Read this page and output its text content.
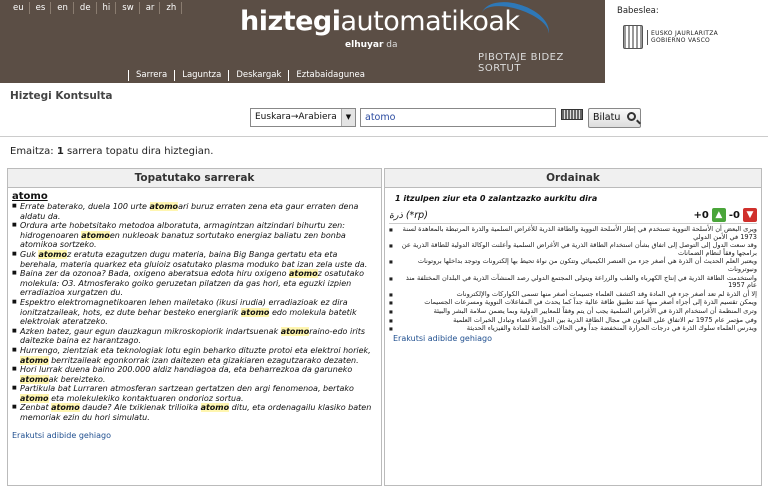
eu	es	en	de	hi	sw	ar	zh hiztegiautomatikoak
elhuyar da
PIBOTAJE BIDEZ SORTUT
Sarrera	Laguntza	Deskargak	Eztabaidagunea
Babeslea:
EUSKO JAURLARITZA
GOBIERNO VASCO
Hiztegi Kontsulta
Euskara→Arabiera	▼	atomo	Bilatu
Emaitza: 1 sarrera topatu dira hiztegian.
Topatutako sarrerak
atomo
■ Errate baterako, duela 100 urte atomoari buruz erraten zena eta gaur erraten dena aldatu da.
■ Ordura arte hobetsitako metodoa alboratuta, armagintzan aitzindari bihurtu zen: hidrogenoaren atomoen nukleoak banatuz sortutako energiaz baliatu zen bonba atomikoa sortzeko.
■ Guk atomoz eratuta ezagutzen dugu materia, baina Big Banga gertatu eta eta berehala, materia quarkez eta gluioiz osatutako plasma moduko bat izan zela uste da.
■ Baina zer da ozonoa? Bada, oxigeno aberatsua edota hiru oxigeno atomoz osatutako molekula: O3. Atmosferako goiko geruzetan pilatzen da gas hori, eta eguzki izpien erradiazioa xurgatzen du.
■ Espektro elektromagnetikoaren lehen mailetako (ikusi irudia) erradiazioak ez dira ionitzatzaileak, hots, ez dute behar besteko energiarik atomo edo molekula batetik elektroiak ateratzeko.
■ Azken batez, gaur egun dauzkagun mikroskopiorik indartsuenak atomoraino-edo irits daitezke baina ez harantzago.
■ Hurrengo, zientziak eta teknologiak lotu egin beharko dituzte protoi eta elektroi horiek, atomo berritzaileak egonkorrak izan daitezen eta gizakiaren ezagutzarako dezaten.
■ Hori lurrak duena baino 200.000 aldiz handiagoa da, eta beharrezkoa da garuneko atomoak bereizteko.
■ Partikula bat Lurraren atmosferan sartzean gertatzen den argi fenomenoa, bertako atomo eta molekulekiko kontaktuaren ondorioz sortua.
■ Zenbat atomo daude? Ale txikienak trilioika atomo ditu, eta ordenagailu klasiko baten memoriak ezin du hori simulatu.
Erakutsi adibide gehiago
Ordainak
1 itzulpen ziur eta 0 zalantzazko aurkitu dira
ذرة (*rp)	+0 ▲ -0 ▼
ويرى البعض أن الأسلحة النووية تستخدم في إطار الأسلحة النووية والطاقة الذرية للأغراض السلمية والذرة المرتبطة بالمعاهدة لسنة 1973 في الأمن الدولي ■
وقد سعت الدول إلى التوصل إلى اتفاق بشأن استخدام الطاقة الذرية في الأغراض السلمية وأعلنت الوكالة الدولية للطاقة الذرية عن برامجها وفقاً لنظام الضمانات ■
ويعتبر العلم الحديث أن الذرة هي أصغر جزء من العنصر الكيميائي وتتكون من نواة تحيط بها إلكترونات وتوجد بداخلها بروتونات ونيوترونات ■
واستخدمت الطاقة الذرية في إنتاج الكهرباء والطب والزراعة ويتولى المجتمع الدولي رصد المنشآت الذرية في البلدان المختلفة منذ عام 1957 ■
إلا أن الذرة لم تعد أصغر جزء في المادة وقد اكتشف العلماء جسيمات أصغر منها تسمى الكواركات والإلكترونات ■
ويمكن تقسيم الذرة إلى أجزاء أصغر منها عند تطبيق طاقة عالية جداً كما يحدث في المفاعلات النووية ومسرعات الجسيمات ■
وترى المنظمة أن استخدام الذرة في الأغراض السلمية يجب أن يتم وفقاً للمعايير الدولية وبما يضمن سلامة البشر والبيئة ■
وفي مؤتمر عام 1975 تم الاتفاق على التعاون في مجال الطاقة الذرية بين الدول الأعضاء وتبادل الخبرات العلمية ■
ويدرس العلماء سلوك الذرة في درجات الحرارة المنخفضة جداً وفي الحالات الخاصة للمادة والفيزياء الحديثة ■
Erakutsi adibide gehiago
